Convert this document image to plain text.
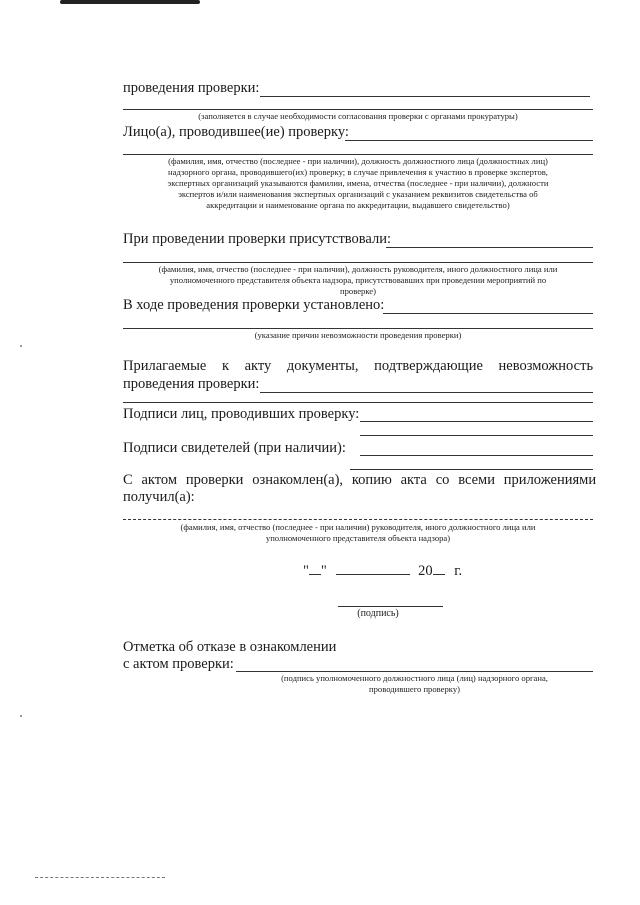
проведения проверки:
(заполняется в случае необходимости согласования проверки с органами прокуратуры)
Лицо(а), проводившее(ие) проверку:
(фамилия, имя, отчество (последнее - при наличии), должность должностного лица (должностных лиц)
надзорного органа, проводившего(их) проверку; в случае привлечения к участию в проверке экспертов,
экспертных организаций указываются фамилии, имена, отчества (последнее - при наличии), должности
экспертов и/или наименования экспертных организаций с указанием реквизитов свидетельства об
аккредитации и наименование органа по аккредитации, выдавшего свидетельство)
При проведении проверки присутствовали:
(фамилия, имя, отчество (последнее - при наличии), должность руководителя, иного должностного лица или
уполномоченного представителя объекта надзора, присутствовавших при проведении мероприятий по
проверке)
В ходе проведения проверки установлено:
(указание причин невозможности проведения проверки)
Прилагаемые к акту документы, подтверждающие невозможность
проведения проверки:
Подписи лиц, проводивших проверку:
Подписи свидетелей (при наличии):
С актом проверки ознакомлен(а), копию акта со всеми приложениями
получил(а):
(фамилия, имя, отчество (последнее - при наличии) руководителя, иного должностного лица или
уполномоченного представителя объекта надзора)
" "	20 г.
(подпись)
Отметка об отказе в ознакомлении
с актом проверки:
(подпись уполномоченного должностного лица (лиц) надзорного органа,
проводившего проверку)
